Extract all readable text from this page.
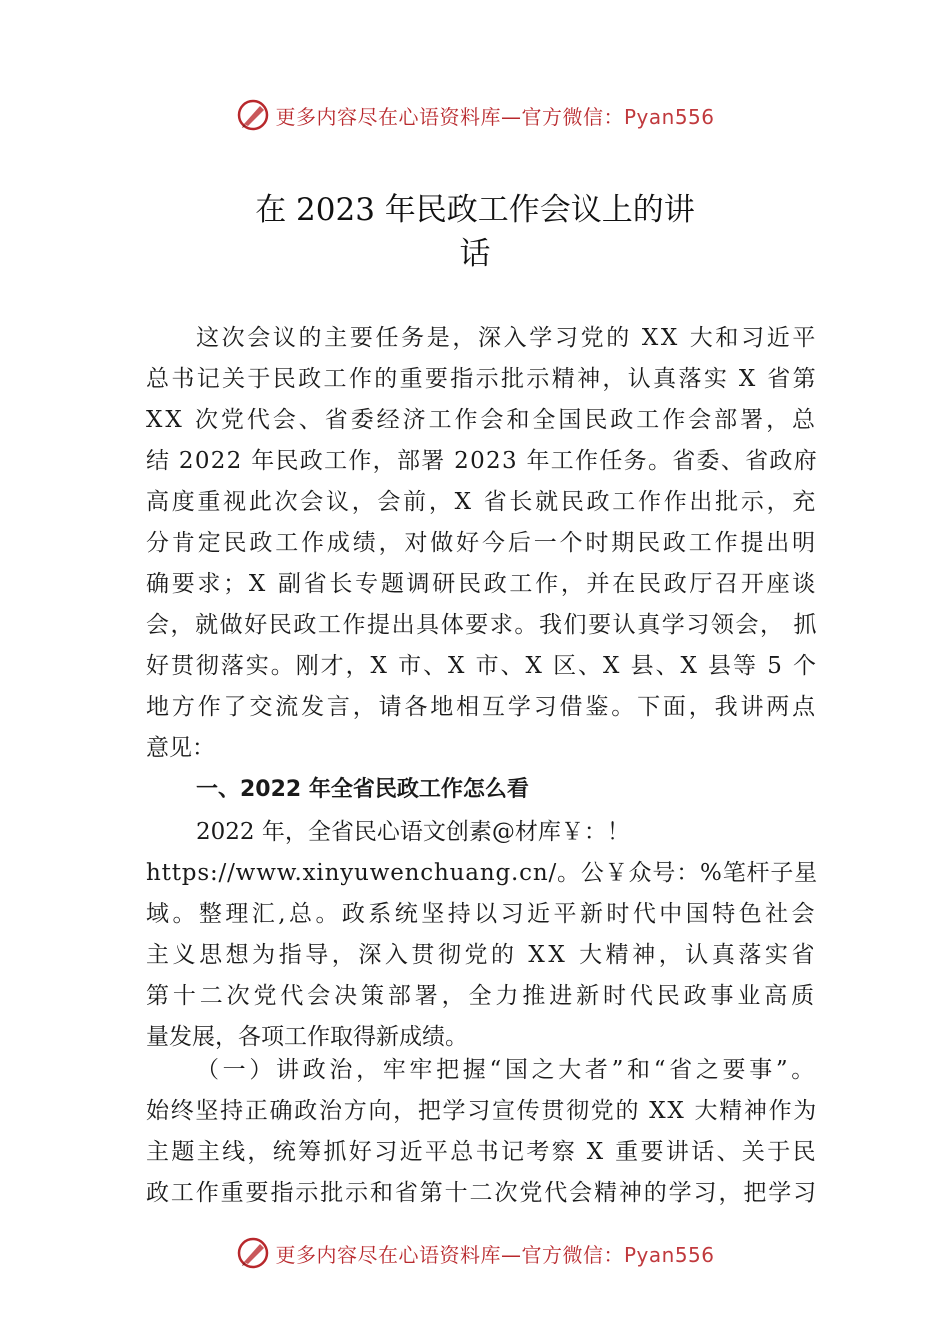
更多内容尽在心语资料库—官方微信：Pyan556
在 2023 年民政工作会议上的讲
话
这次会议的主要任务是，深入学习党的 XX 大和习近平
总书记关于民政工作的重要指示批示精神，认真落实 X 省第
XX 次党代会、省委经济工作会和全国民政工作会部署，总
结 2022 年民政工作，部署 2023 年工作任务。省委、省政府
高度重视此次会议，会前，X 省长就民政工作作出批示，充
分肯定民政工作成绩，对做好今后一个时期民政工作提出明
确要求；X 副省长专题调研民政工作，并在民政厅召开座谈
会，就做好民政工作提出具体要求。我们要认真学习领会， 抓
好贯彻落实。刚才，X 市、X 市、X 区、X 县、X 县等 5 个
地方作了交流发言，请各地相互学习借鉴。下面，我讲两点
意见：
一、2022 年全省民政工作怎么看
2022 年，全省民心语文创素@材库￥：！
https://www.xinyuwenchuang.cn/。公￥众号：%笔杆子星
域。整理汇,总。政系统坚持以习近平新时代中国特色社会
主义思想为指导，深入贯彻党的 XX 大精神，认真落实省
第十二次党代会决策部署，全力推进新时代民政事业高质
量发展，各项工作取得新成绩。
（一）讲政治，牢牢把握“国之大者”和“省之要事”。
始终坚持正确政治方向，把学习宣传贯彻党的 XX 大精神作为
主题主线，统筹抓好习近平总书记考察 X 重要讲话、关于民
政工作重要指示批示和省第十二次党代会精神的学习，把学习
更多内容尽在心语资料库—官方微信：Pyan556
